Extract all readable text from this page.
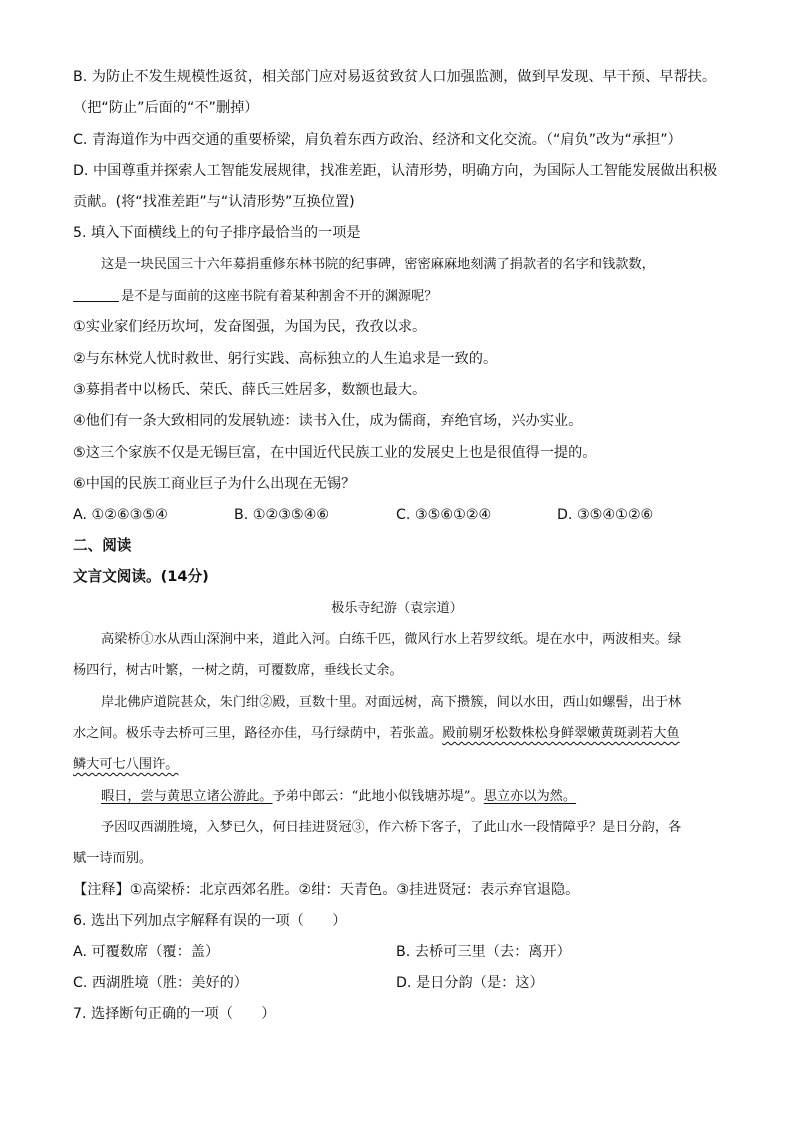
B. 为防止不发生规模性返贫，相关部门应对易返贫致贫人口加强监测，做到早发现、早干预、早帮扶。
（把“防止”后面的“不”删掉）
C. 青海道作为中西交通的重要桥梁，肩负着东西方政治、经济和文化交流。（“肩负”改为“承担”）
D. 中国尊重并探索人工智能发展规律，找准差距，认清形势，明确方向，为国际人工智能发展做出积极
贡献。(将“找准差距”与“认清形势”互换位置)
5. 填入下面横线上的句子排序最恰当的一项是
这是一块民国三十六年募捐重修东林书院的纪事碑，密密麻麻地刻满了捐款者的名字和钱款数，
是不是与面前的这座书院有着某种割舍不开的渊源呢？
①实业家们经历坎坷，发奋图强，为国为民，孜孜以求。
②与东林党人忧时救世、躬行实践、高标独立的人生追求是一致的。
③募捐者中以杨氏、荣氏、薛氏三姓居多，数额也最大。
④他们有一条大致相同的发展轨迹：读书入仕，成为儒商，弃绝官场，兴办实业。
⑤这三个家族不仅是无锡巨富，在中国近代民族工业的发展史上也是很值得一提的。
⑥中国的民族工商业巨子为什么出现在无锡？
A. ①②⑥③⑤④	B. ①②③⑤④⑥	C. ③⑤⑥①②④	D. ③⑤④①②⑥
二、阅读
文言文阅读。(14分)
极乐寺纪游（袁宗道）
高梁桥①水从西山深涧中来，道此入河。白练千匹，微风行水上若罗纹纸。堤在水中，两波相夹。绿
杨四行，树古叶繁，一树之荫，可覆数席，垂线长丈余。
岸北佛庐道院甚众，朱门绀②殿，亘数十里。对面远树，高下攒簇，间以水田，西山如螺髻，出于林
水之间。极乐寺去桥可三里，路径亦佳，马行绿荫中，若张盖。殿前剔牙松数株松身鲜翠嫩黄斑剥若大鱼
鳞大可七八围许。
暇日，尝与黄思立诸公游此。予弟中郎云：“此地小似钱塘苏堤”。思立亦以为然。
予因叹西湖胜境，入梦已久，何日挂进贤冠③，作六桥下客子，了此山水一段情障乎？是日分韵，各
赋一诗而别。
【注释】①高梁桥：北京西郊名胜。②绀：天青色。③挂进贤冠：表示弃官退隐。
6. 选出下列加点字解释有误的一项（　　）
A. 可覆数席（覆：盖）	B. 去桥可三里（去：离开）
C. 西湖胜境（胜：美好的）	D. 是日分韵（是：这）
7. 选择断句正确的一项（　　）
